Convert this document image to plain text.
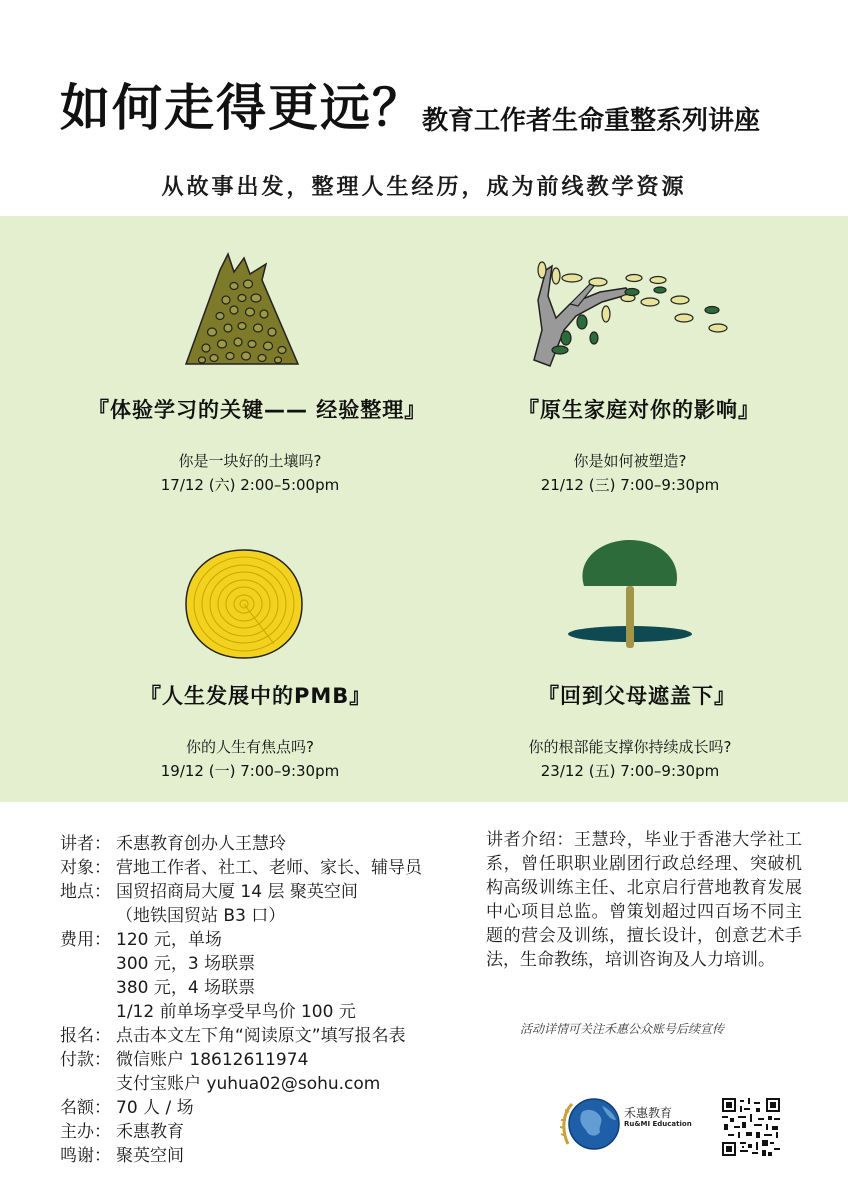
如何走得更远？
教育工作者生命重整系列讲座
从故事出发，整理人生经历，成为前线教学资源
『体验学习的关键—— 经验整理』
你是一块好的土壤吗?
17/12 (六) 2:00–5:00pm
『原生家庭对你的影响』
你是如何被塑造?
21/12 (三) 7:00–9:30pm
『人生发展中的PMB』
你的人生有焦点吗?
19/12 (一) 7:00–9:30pm
『回到父母遮盖下』
你的根部能支撑你持续成长吗?
23/12 (五) 7:00–9:30pm
讲者： 禾惠教育创办人王慧玲
对象： 营地工作者、社工、老师、家长、辅导员
地点： 国贸招商局大厦 14 层 聚英空间
（地铁国贸站 B3 口）
费用： 120 元，单场
300 元，3 场联票
380 元，4 场联票
1/12 前单场享受早鸟价 100 元
报名： 点击本文左下角“阅读原文”填写报名表
付款： 微信账户 18612611974
支付宝账户 yuhua02@sohu.com
名额： 70 人 / 场
主办： 禾惠教育
鸣谢： 聚英空间
讲者介绍：王慧玲，毕业于香港大学社工系，曾任职职业剧团行政总经理、突破机构高级训练主任、北京启行营地教育发展中心项目总监。曾策划超过四百场不同主题的营会及训练，擅长设计，创意艺术手法，生命教练，培训咨询及人力培训。
活动详情可关注禾惠公众账号后续宣传
禾惠教育
Ru&MI Education
